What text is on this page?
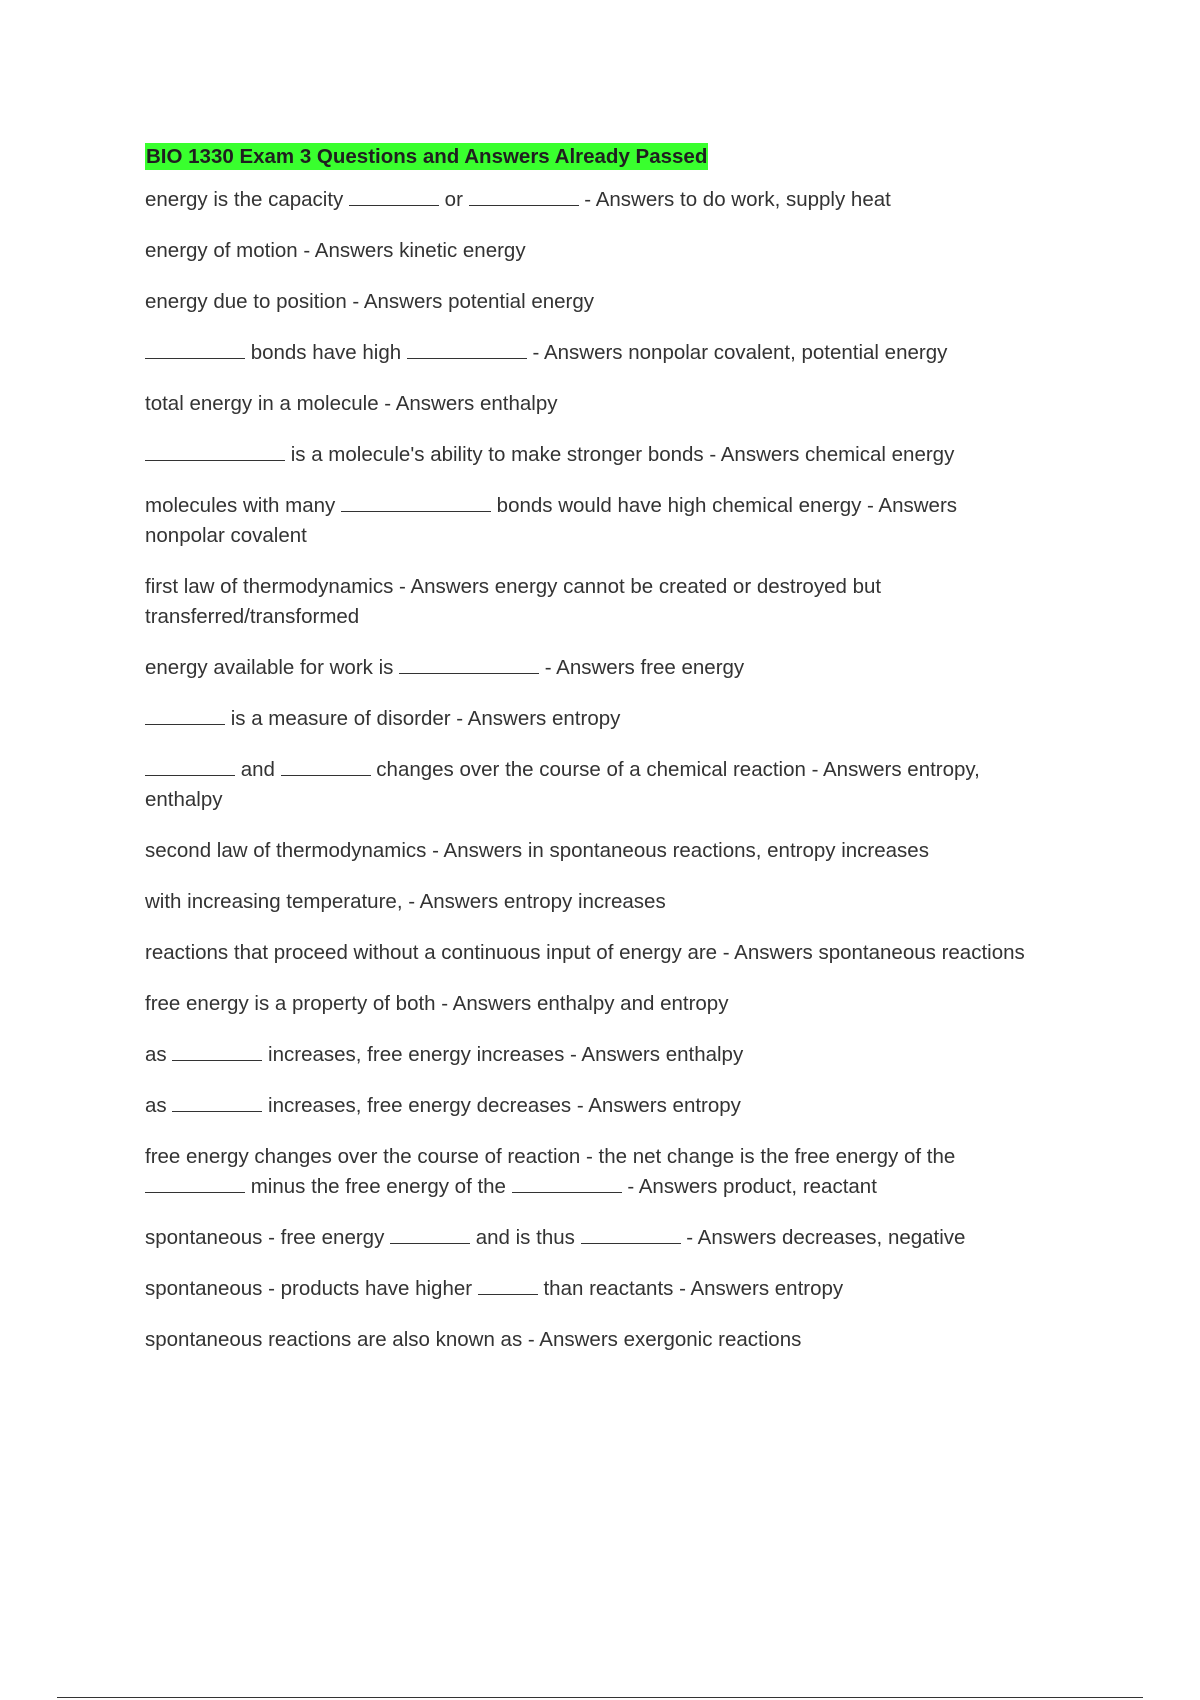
BIO 1330 Exam 3 Questions and Answers Already Passed

energy is the capacity	or	- Answers to do work, supply heat

energy of motion - Answers kinetic energy

energy due to position - Answers potential energy

bonds have high	- Answers nonpolar covalent, potential energy

total energy in a molecule - Answers enthalpy

is a molecule's ability to make stronger bonds - Answers chemical energy

molecules with many	bonds would have high chemical energy - Answers nonpolar covalent

first law of thermodynamics - Answers energy cannot be created or destroyed but transferred/transformed

energy available for work is	- Answers free energy

is a measure of disorder - Answers entropy

and	changes over the course of a chemical reaction - Answers entropy, enthalpy

second law of thermodynamics - Answers in spontaneous reactions, entropy increases

with increasing temperature, - Answers entropy increases

reactions that proceed without a continuous input of energy are - Answers spontaneous reactions

free energy is a property of both - Answers enthalpy and entropy

as	increases, free energy increases - Answers enthalpy

as	increases, free energy decreases - Answers entropy

free energy changes over the course of reaction - the net change is the free energy of the  minus the free energy of the	- Answers product, reactant

spontaneous - free energy	and is thus	- Answers decreases, negative

spontaneous - products have higher	than reactants - Answers entropy

spontaneous reactions are also known as - Answers exergonic reactions
